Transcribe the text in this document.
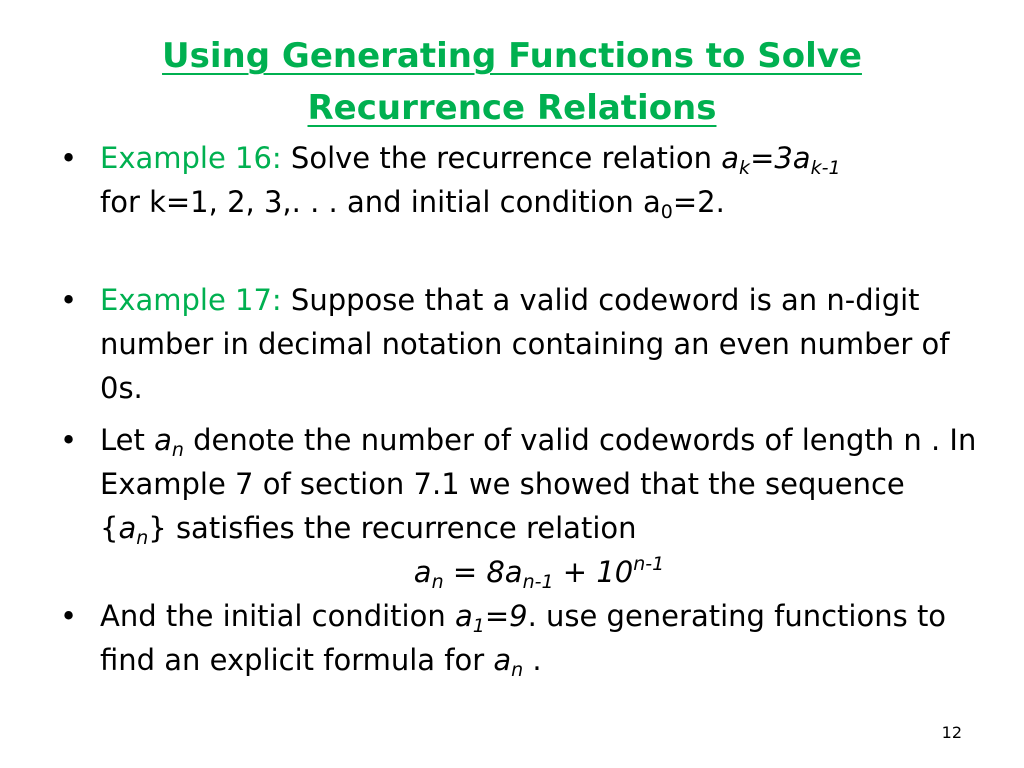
Using Generating Functions to Solve
Recurrence Relations
• Example 16: Solve the recurrence relation $a_k=3a_{k-1}$
for k=1, 2, 3,. . . and initial condition $a_0=2$.
• Example 17: Suppose that a valid codeword is an n-digit number in decimal notation containing an even number of 0s.
• Let $a_n$ denote the number of valid codewords of length n . In Example 7 of section 7.1 we showed that the sequence $\{a_n\}$ satisfies the recurrence relation
$a_n = 8a_{n-1} + 10^{n-1}$
• And the initial condition $a_1=9$. use generating functions to find an explicit formula for $a_n$ .
12
